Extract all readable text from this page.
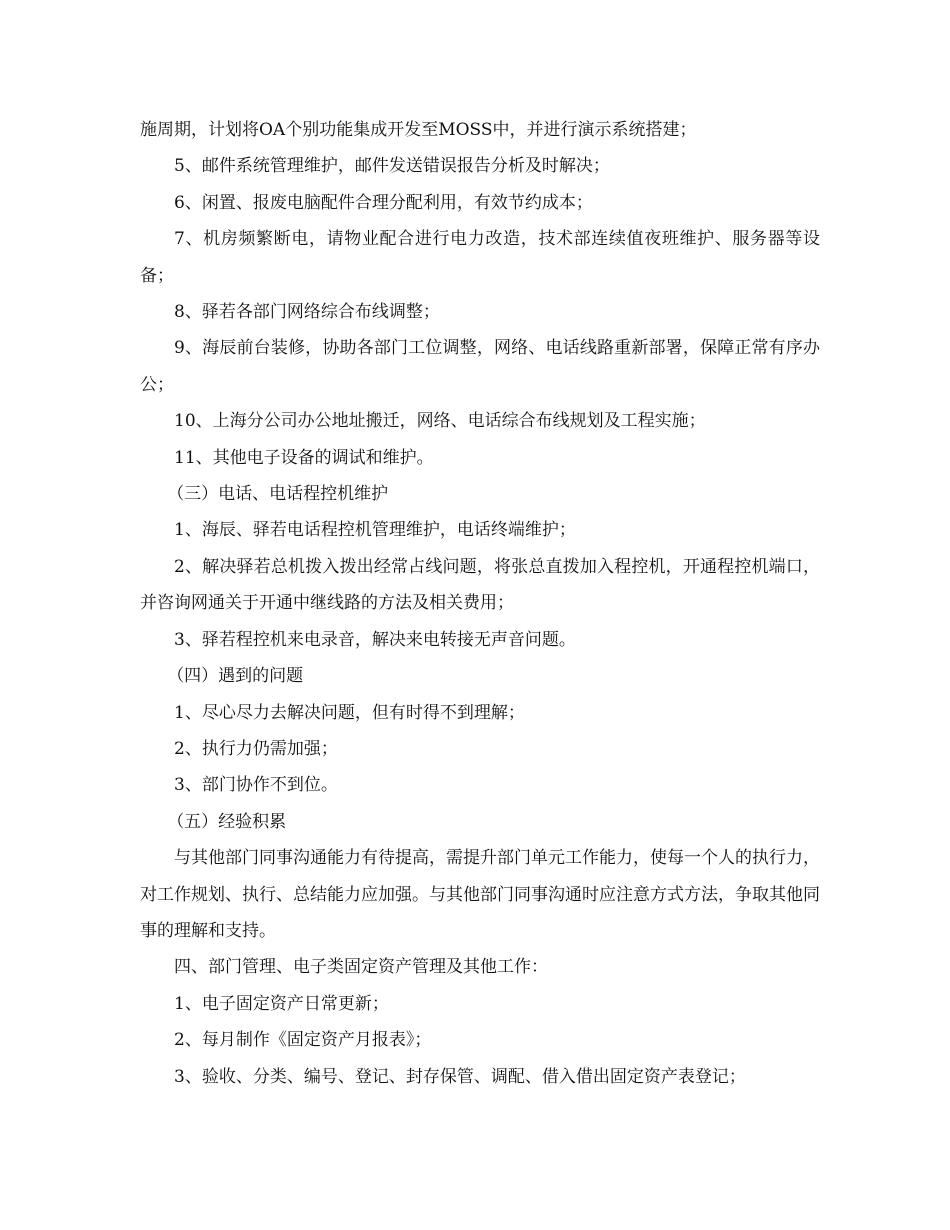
施周期，计划将OA个别功能集成开发至MOSS中，并进行演示系统搭建；

5、邮件系统管理维护，邮件发送错误报告分析及时解决；

6、闲置、报废电脑配件合理分配利用，有效节约成本；

7、机房频繁断电，请物业配合进行电力改造，技术部连续值夜班维护、服务器等设备；

8、驿若各部门网络综合布线调整；

9、海辰前台装修，协助各部门工位调整，网络、电话线路重新部署，保障正常有序办公；

10、上海分公司办公地址搬迁，网络、电话综合布线规划及工程实施；

11、其他电子设备的调试和维护。

（三）电话、电话程控机维护

1、海辰、驿若电话程控机管理维护，电话终端维护；

2、解决驿若总机拨入拨出经常占线问题，将张总直拨加入程控机，开通程控机端口，并咨询网通关于开通中继线路的方法及相关费用；

3、驿若程控机来电录音，解决来电转接无声音问题。

（四）遇到的问题

1、尽心尽力去解决问题，但有时得不到理解；

2、执行力仍需加强；

3、部门协作不到位。

（五）经验积累

与其他部门同事沟通能力有待提高，需提升部门单元工作能力，使每一个人的执行力，对工作规划、执行、总结能力应加强。与其他部门同事沟通时应注意方式方法，争取其他同事的理解和支持。

四、部门管理、电子类固定资产管理及其他工作：

1、电子固定资产日常更新；

2、每月制作《固定资产月报表》；

3、验收、分类、编号、登记、封存保管、调配、借入借出固定资产表登记；
